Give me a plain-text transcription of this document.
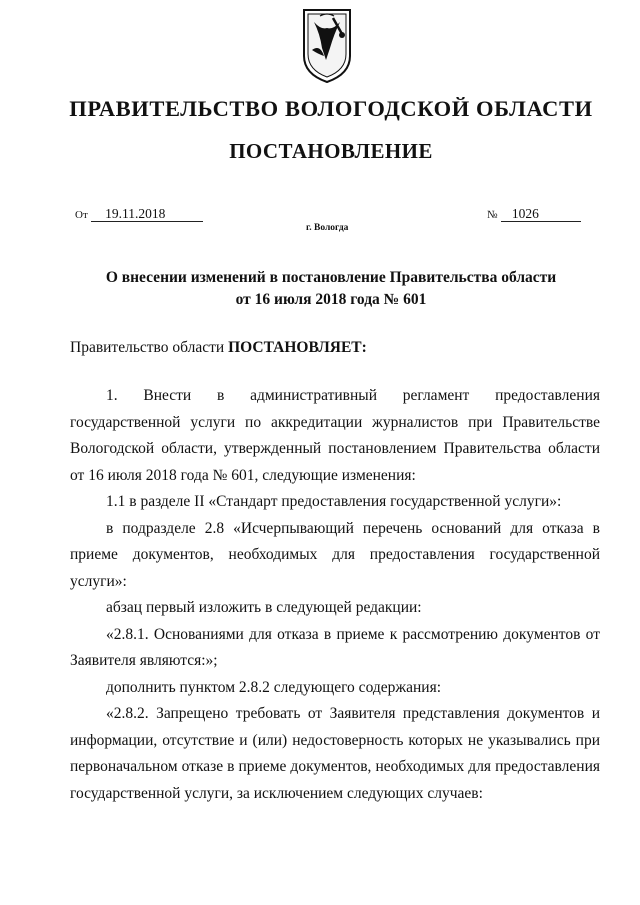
ПРАВИТЕЛЬСТВО ВОЛОГОДСКОЙ ОБЛАСТИ
ПОСТАНОВЛЕНИЕ
От 19.11.2018	№ 1026
г. Вологда
О внесении изменений в постановление Правительства области
от 16 июля 2018 года № 601
Правительство области ПОСТАНОВЛЯЕТ:

1. Внести в административный регламент предоставления государственной услуги по аккредитации журналистов при Правительстве Вологодской области, утвержденный постановлением Правительства области от 16 июля 2018 года № 601, следующие изменения:

1.1 в разделе II «Стандарт предоставления государственной услуги»:

в подразделе 2.8 «Исчерпывающий перечень оснований для отказа в приеме документов, необходимых для предоставления государственной услуги»:

абзац первый изложить в следующей редакции:

«2.8.1. Основаниями для отказа в приеме к рассмотрению документов от Заявителя являются:»;

дополнить пунктом 2.8.2 следующего содержания:

«2.8.2. Запрещено требовать от Заявителя представления документов и информации, отсутствие и (или) недостоверность которых не указывались при первоначальном отказе в приеме документов, необходимых для предоставления государственной услуги, за исключением следующих случаев:
